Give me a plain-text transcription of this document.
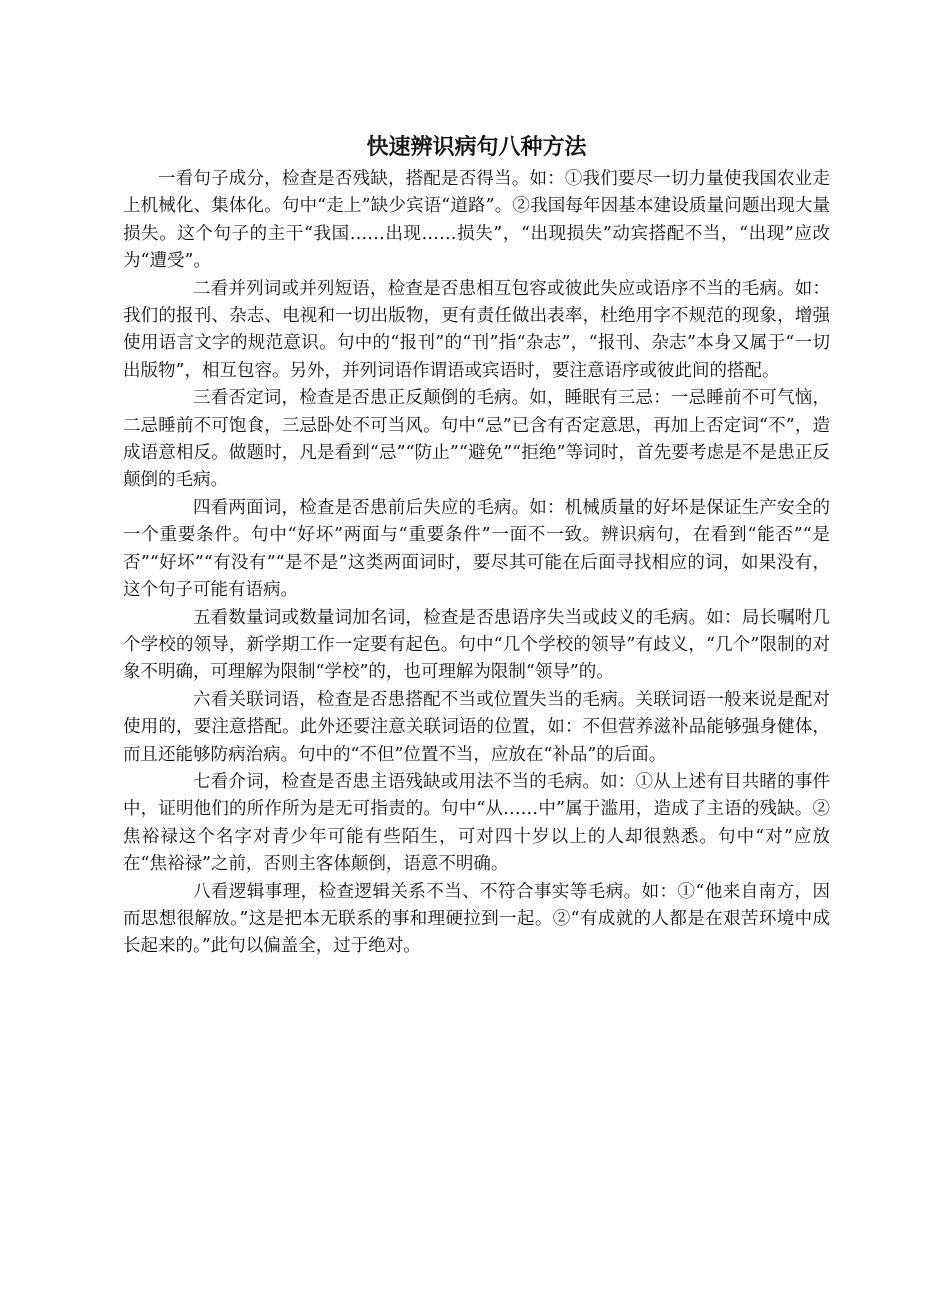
快速辨识病句八种方法

一看句子成分，检查是否残缺，搭配是否得当。如：①我们要尽一切力量使我国农业走上机械化、集体化。句中“走上”缺少宾语“道路”。②我国每年因基本建设质量问题出现大量损失。这个句子的主干“我国……出现……损失”，“出现损失”动宾搭配不当，“出现”应改为“遭受”。

二看并列词或并列短语，检查是否患相互包容或彼此失应或语序不当的毛病。如：我们的报刊、杂志、电视和一切出版物，更有责任做出表率，杜绝用字不规范的现象，增强使用语言文字的规范意识。句中的“报刊”的“刊”指“杂志”，“报刊、杂志”本身又属于“一切出版物”，相互包容。另外，并列词语作谓语或宾语时，要注意语序或彼此间的搭配。

三看否定词，检查是否患正反颠倒的毛病。如，睡眠有三忌：一忌睡前不可气恼，二忌睡前不可饱食，三忌卧处不可当风。句中“忌”已含有否定意思，再加上否定词“不”，造成语意相反。做题时，凡是看到“忌”“防止”“避免”“拒绝”等词时，首先要考虑是不是患正反颠倒的毛病。

四看两面词，检查是否患前后失应的毛病。如：机械质量的好坏是保证生产安全的一个重要条件。句中“好坏”两面与“重要条件”一面不一致。辨识病句，在看到“能否”“是否”“好坏”“有没有”“是不是”这类两面词时，要尽其可能在后面寻找相应的词，如果没有，这个句子可能有语病。

五看数量词或数量词加名词，检查是否患语序失当或歧义的毛病。如：局长嘱咐几个学校的领导，新学期工作一定要有起色。句中“几个学校的领导”有歧义，“几个”限制的对象不明确，可理解为限制“学校”的，也可理解为限制“领导”的。

六看关联词语，检查是否患搭配不当或位置失当的毛病。关联词语一般来说是配对使用的，要注意搭配。此外还要注意关联词语的位置，如：不但营养滋补品能够强身健体，而且还能够防病治病。句中的“不但”位置不当，应放在“补品”的后面。

七看介词，检查是否患主语残缺或用法不当的毛病。如：①从上述有目共睹的事件中，证明他们的所作所为是无可指责的。句中“从……中”属于滥用，造成了主语的残缺。②焦裕禄这个名字对青少年可能有些陌生，可对四十岁以上的人却很熟悉。句中“对”应放在“焦裕禄”之前，否则主客体颠倒，语意不明确。

八看逻辑事理，检查逻辑关系不当、不符合事实等毛病。如：①“他来自南方，因而思想很解放。”这是把本无联系的事和理硬拉到一起。②“有成就的人都是在艰苦环境中成长起来的。”此句以偏盖全，过于绝对。
